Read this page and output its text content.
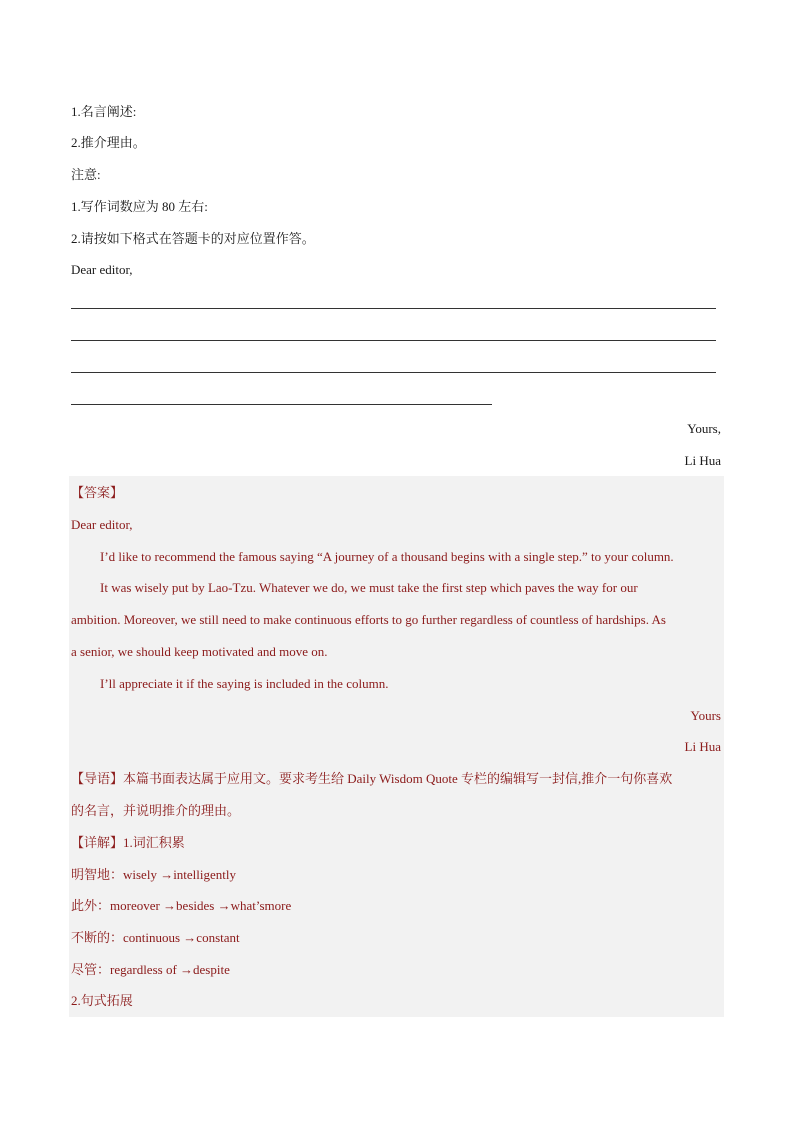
1.名言阐述:
2.推介理由。
注意:
1.写作词数应为 80 左右:
2.请按如下格式在答题卡的对应位置作答。
Dear editor,
Yours,
Li Hua
【答案】
Dear editor,
I’d like to recommend the famous saying “A journey of a thousand begins with a single step.” to your column.
It was wisely put by Lao-Tzu. Whatever we do, we must take the first step which paves the way for our
ambition. Moreover, we still need to make continuous efforts to go further regardless of countless of hardships. As
a senior, we should keep motivated and move on.
I’ll appreciate it if the saying is included in the column.
Yours
Li Hua
【导语】本篇书面表达属于应用文。要求考生给 Daily Wisdom Quote 专栏的编辑写一封信,推介一句你喜欢
的名言，并说明推介的理由。
【详解】1.词汇积累
明智地：wisely →intelligently
此外：moreover →besides →what’smore
不断的：continuous →constant
尽管：regardless of →despite
2.句式拓展
